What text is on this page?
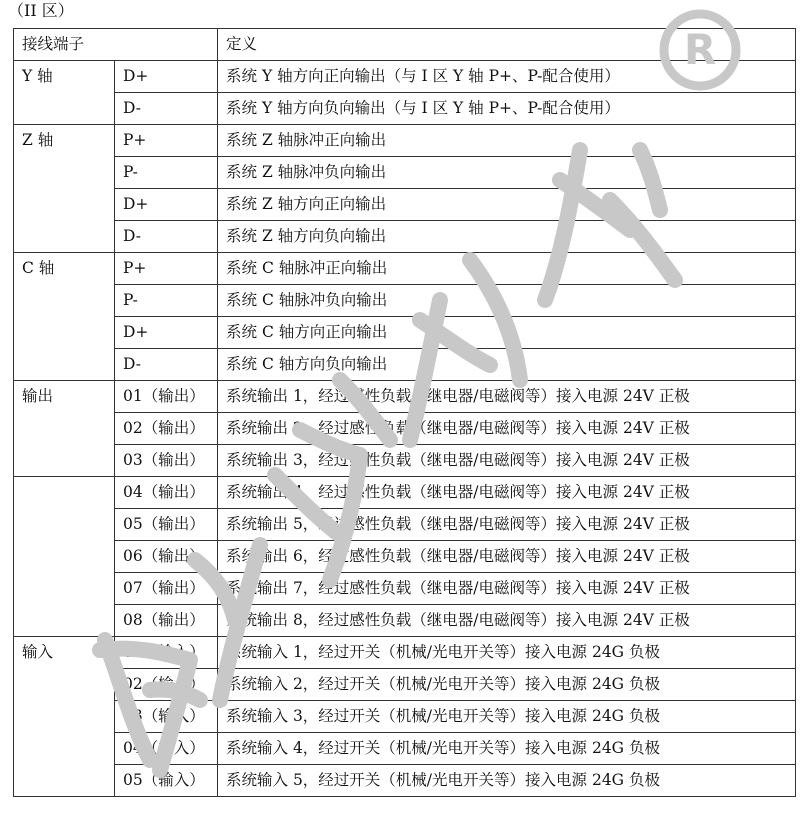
（II 区）
接线端子		定义
Y 轴	D+	系统 Y 轴方向正向输出（与 I 区 Y 轴 P+、P-配合使用）
	D-	系统 Y 轴方向负向输出（与 I 区 Y 轴 P+、P-配合使用）
Z 轴	P+	系统 Z 轴脉冲正向输出
	P-	系统 Z 轴脉冲负向输出
	D+	系统 Z 轴方向正向输出
	D-	系统 Z 轴方向负向输出
C 轴	P+	系统 C 轴脉冲正向输出
	P-	系统 C 轴脉冲负向输出
	D+	系统 C 轴方向正向输出
	D-	系统 C 轴方向负向输出
输出	01（输出）	系统输出 1，经过感性负载（继电器/电磁阀等）接入电源 24V 正极
	02（输出）	系统输出 2，经过感性负载（继电器/电磁阀等）接入电源 24V 正极
	03（输出）	系统输出 3，经过感性负载（继电器/电磁阀等）接入电源 24V 正极
	04（输出）	系统输出 4，经过感性负载（继电器/电磁阀等）接入电源 24V 正极
	05（输出）	系统输出 5，经过感性负载（继电器/电磁阀等）接入电源 24V 正极
	06（输出）	系统输出 6，经过感性负载（继电器/电磁阀等）接入电源 24V 正极
	07（输出）	系统输出 7，经过感性负载（继电器/电磁阀等）接入电源 24V 正极
	08（输出）	系统输出 8，经过感性负载（继电器/电磁阀等）接入电源 24V 正极
输入	01（输入）	系统输入 1，经过开关（机械/光电开关等）接入电源 24G 负极
	02（输入）	系统输入 2，经过开关（机械/光电开关等）接入电源 24G 负极
	03（输入）	系统输入 3，经过开关（机械/光电开关等）接入电源 24G 负极
	04（输入）	系统输入 4，经过开关（机械/光电开关等）接入电源 24G 负极
	05（输入）	系统输入 5，经过开关（机械/光电开关等）接入电源 24G 负极
R
